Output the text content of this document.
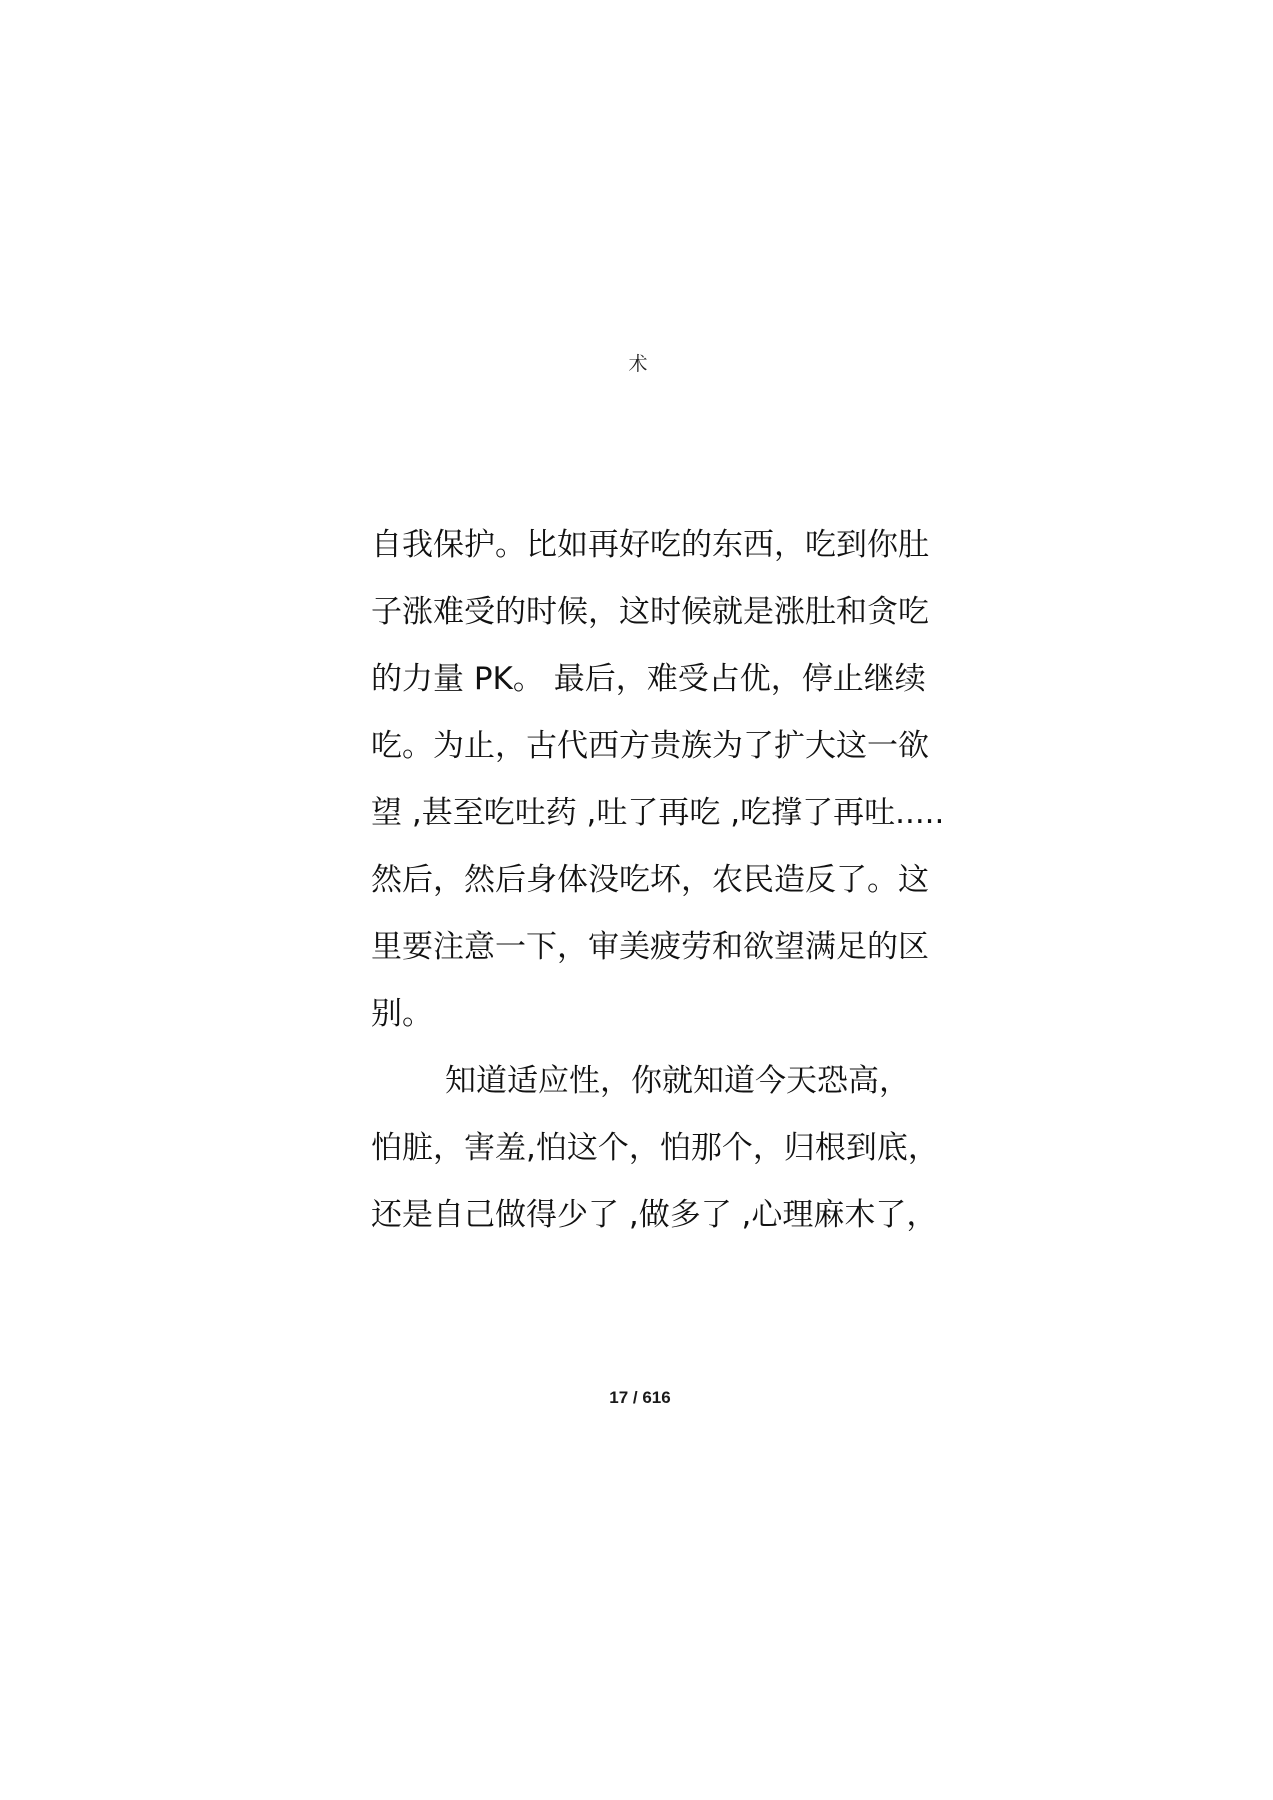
术
自我保护。比如再好吃的东西，吃到你肚
子涨难受的时候，这时候就是涨肚和贪吃
的力量 PK。 最后，难受占优，停止继续
吃。为止，古代西方贵族为了扩大这一欲
望 ,甚至吃吐药 ,吐了再吃 ,吃撑了再吐.....
然后，然后身体没吃坏，农民造反了。这
里要注意一下，审美疲劳和欲望满足的区
别。
知道适应性，你就知道今天恐高，
怕脏，害羞,怕这个，怕那个，归根到底，
还是自己做得少了 ,做多了 ,心理麻木了，
17 / 616
